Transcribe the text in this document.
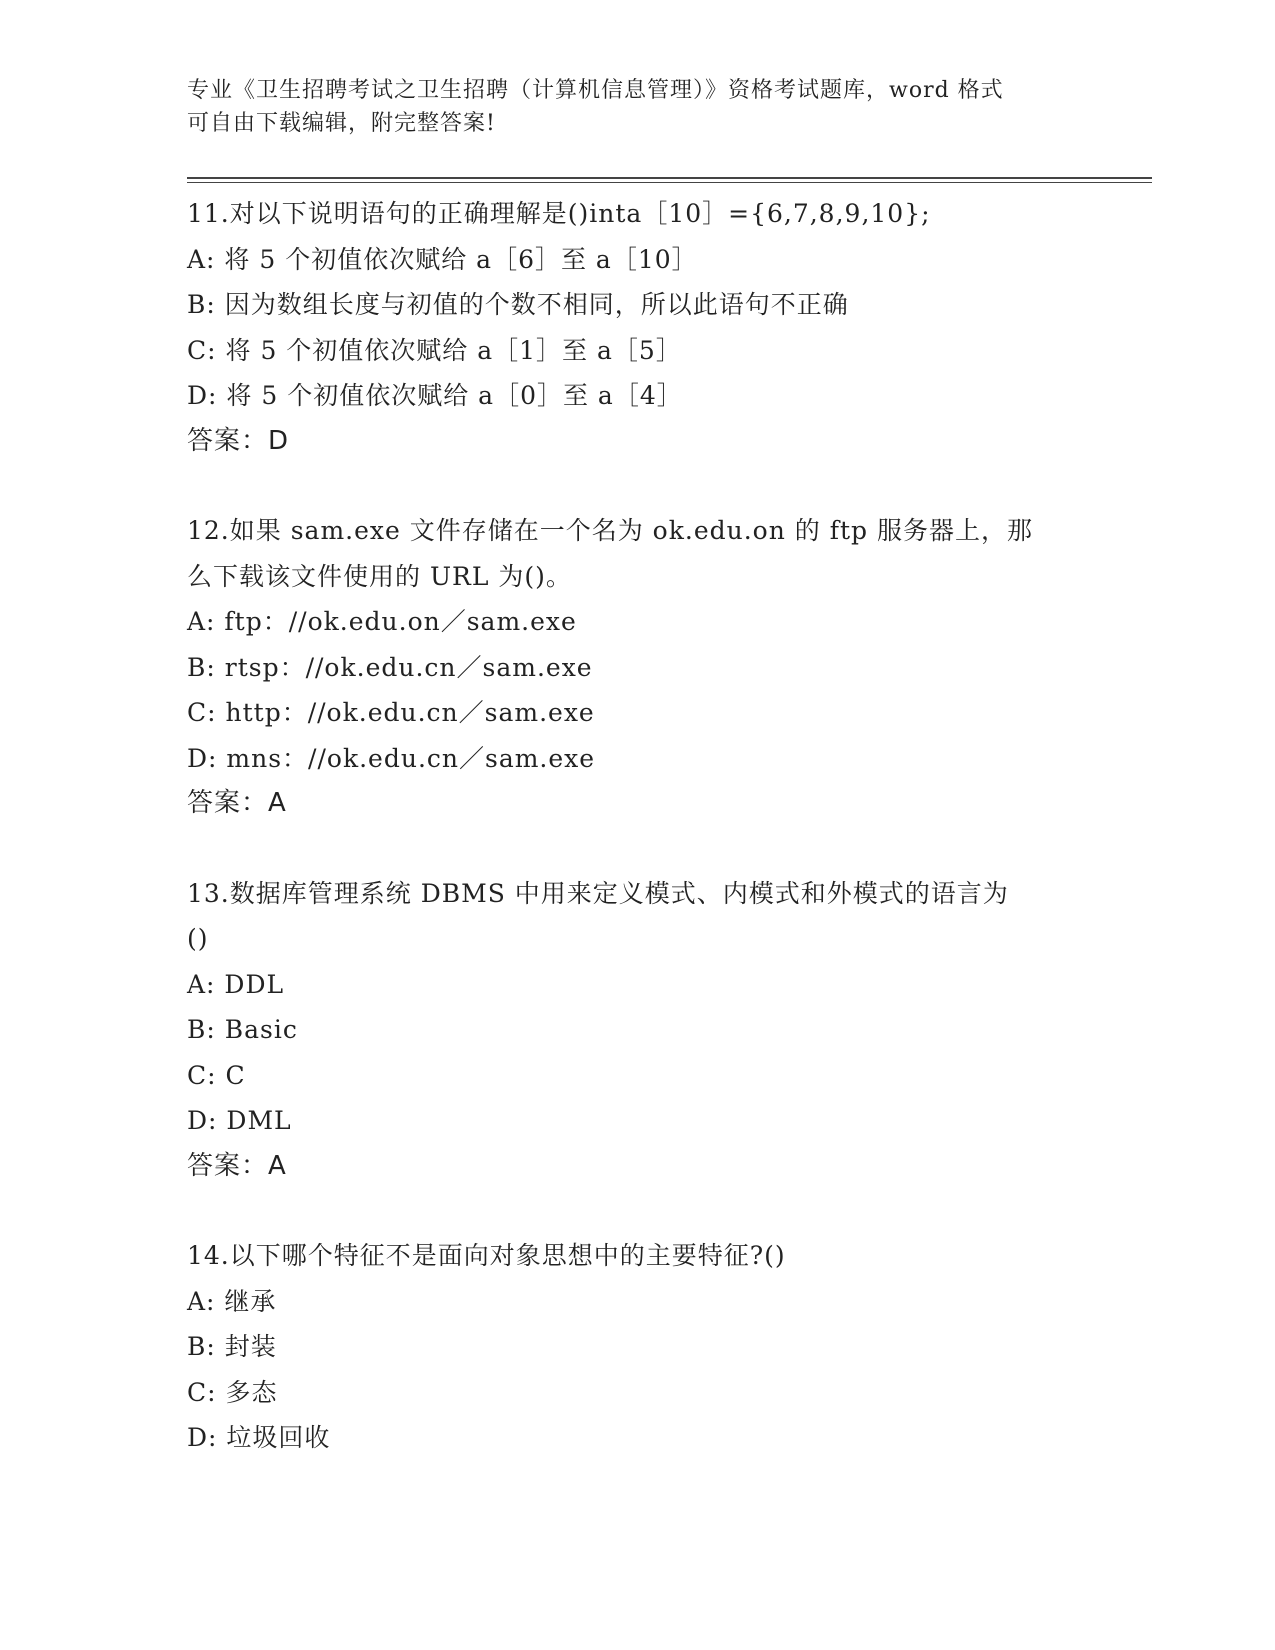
专业《卫生招聘考试之卫生招聘（计算机信息管理）》资格考试题库，word 格式
可自由下载编辑，附完整答案!
11.对以下说明语句的正确理解是()inta［10］={6,7,8,9,10};
A: 将 5 个初值依次赋给 a［6］至 a［10］
B: 因为数组长度与初值的个数不相同，所以此语句不正确
C: 将 5 个初值依次赋给 a［1］至 a［5］
D: 将 5 个初值依次赋给 a［0］至 a［4］
答案：D
12.如果 sam.exe 文件存储在一个名为 ok.edu.on 的 ftp 服务器上，那
么下载该文件使用的 URL 为()。
A: ftp：//ok.edu.on／sam.exe
B: rtsp：//ok.edu.cn／sam.exe
C: http：//ok.edu.cn／sam.exe
D: mns：//ok.edu.cn／sam.exe
答案：A
13.数据库管理系统 DBMS 中用来定义模式、内模式和外模式的语言为
()
A: DDL
B: Basic
C: C
D: DML
答案：A
14.以下哪个特征不是面向对象思想中的主要特征?()
A: 继承
B: 封装
C: 多态
D: 垃圾回收
